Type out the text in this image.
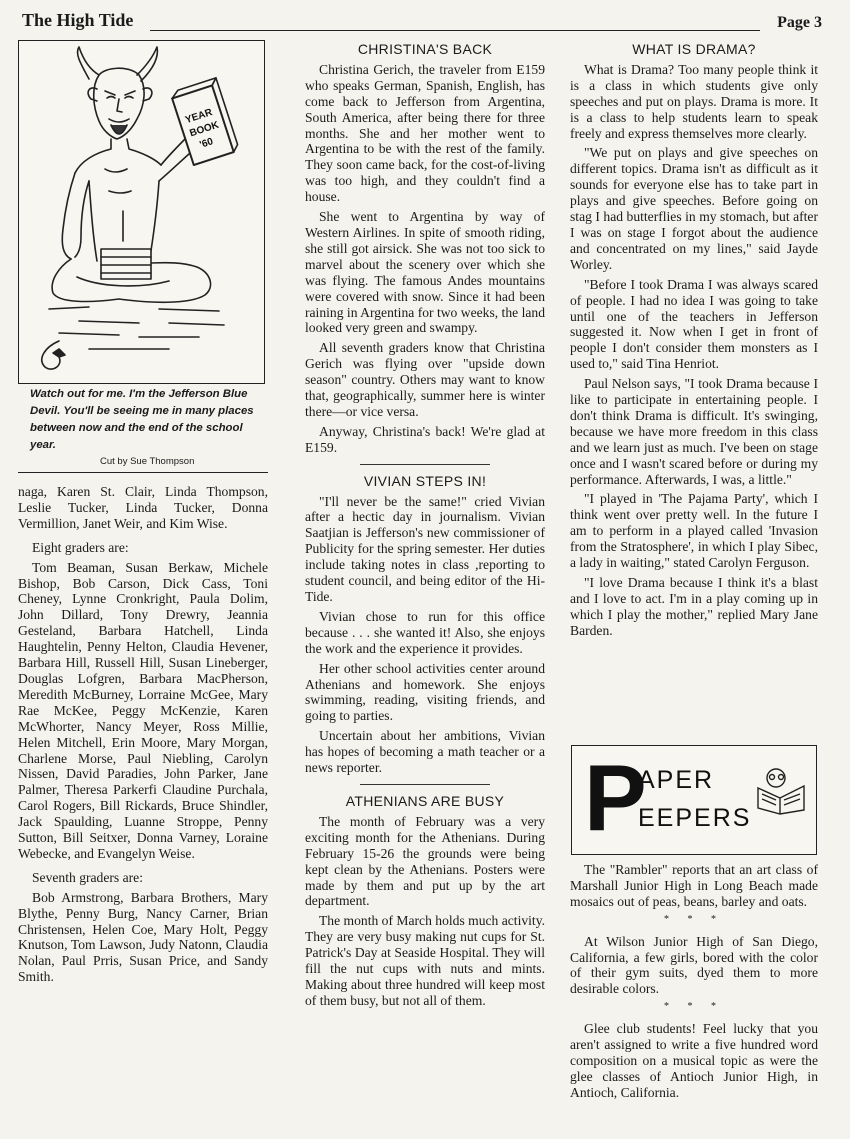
The High Tide	Page 3
YEAR
BOOK
'60
Watch out for me. I'm the Jefferson Blue Devil. You'll be seeing me in many places between now and the end of the school year.
Cut by Sue Thompson

naga, Karen St. Clair, Linda Thompson, Leslie Tucker, Linda Tucker, Donna Vermillion, Janet Weir, and Kim Wise.

Eight graders are:

Tom Beaman, Susan Berkaw, Michele Bishop, Bob Carson, Dick Cass, Toni Cheney, Lynne Cronkright, Paula Dolim, John Dillard, Tony Drewry, Jeannia Gesteland, Barbara Hatchell, Linda Haughtelin, Penny Helton, Claudia Hevener, Barbara Hill, Russell Hill, Susan Lineberger, Douglas Lofgren, Barbara MacPherson, Meredith McBurney, Lorraine McGee, Mary Rae McKee, Peggy McKenzie, Karen McWhorter, Nancy Meyer, Ross Millie, Helen Mitchell, Erin Moore, Mary Morgan, Charlene Morse, Paul Niebling, Carolyn Nissen, David Paradies, John Parker, Jane Palmer, Theresa Parkerfi Claudine Purchala, Carol Rogers, Bill Rickards, Bruce Shindler, Jack Spaulding, Luanne Stroppe, Penny Sutton, Bill Seitxer, Donna Varney, Loraine Webecke, and Evangelyn Weise.

Seventh graders are:

Bob Armstrong, Barbara Brothers, Mary Blythe, Penny Burg, Nancy Carner, Brian Christensen, Helen Coe, Mary Holt, Peggy Knutson, Tom Lawson, Judy Natonn, Claudia Nolan, Paul Prris, Susan Price, and Sandy Smith.

CHRISTINA'S BACK

Christina Gerich, the traveler from E159 who speaks German, Spanish, English, has come back to Jefferson from Argentina, South America, after being there for three months. She and her mother went to Argentina to be with the rest of the family. They soon came back, for the cost-of-living was too high, and they couldn't find a house.

She went to Argentina by way of Western Airlines. In spite of smooth riding, she still got airsick. She was not too sick to marvel about the scenery over which she was flying. The famous Andes mountains were covered with snow. Since it had been raining in Argentina for two weeks, the land looked very green and swampy.

All seventh graders know that Christina Gerich was flying over "upside down season" country. Others may want to know that, geographically, summer here is winter there—or vice versa.

Anyway, Christina's back! We're glad at E159.

VIVIAN STEPS IN!

"I'll never be the same!" cried Vivian after a hectic day in journalism. Vivian Saatjian is Jefferson's new commissioner of Publicity for the spring semester. Her duties include taking notes in class ,reporting to student council, and being editor of the Hi-Tide.

Vivian chose to run for this office because . . . she wanted it! Also, she enjoys the work and the experience it provides.

Her other school activities center around Athenians and homework. She enjoys swimming, reading, visiting friends, and going to parties.

Uncertain about her ambitions, Vivian has hopes of becoming a math teacher or a news reporter.

ATHENIANS ARE BUSY

The month of February was a very exciting month for the Athenians. During February 15-26 the grounds were being kept clean by the Athenians. Posters were made by them and put up by the art department.

The month of March holds much activity. They are very busy making nut cups for St. Patrick's Day at Seaside Hospital. They will fill the nut cups with nuts and mints. Making about three hundred will keep most of them busy, but not all of them.

WHAT IS DRAMA?

What is Drama? Too many people think it is a class in which students give only speeches and put on plays. Drama is more. It is a class to help students learn to speak freely and express themselves more clearly.

"We put on plays and give speeches on different topics. Drama isn't as difficult as it sounds for everyone else has to take part in plays and give speeches. Before going on stag I had butterflies in my stomach, but after I was on stage I forgot about the audience and concentrated on my lines," said Jayde Worley.

"Before I took Drama I was always scared of people. I had no idea I was going to take until one of the teachers in Jefferson suggested it. Now when I get in front of people I don't consider them monsters as I used to," said Tina Henriot.

Paul Nelson says, "I took Drama because I like to participate in entertaining people. I don't think Drama is difficult. It's swinging, because we have more freedom in this class and we learn just as much. I've been on stage once and I wasn't scared before or during my performance. Afterwards, I was, a little."

"I played in 'The Pajama Party', which I think went over pretty well. In the future I am to perform in a played called 'Invasion from the Stratosphere', in which I play Sibec, a lady in waiting," stated Carolyn Ferguson.

"I love Drama because I think it's a blast and I love to act. I'm in a play coming up in which I play the mother," replied Mary Jane Barden.

P
APER
EEPERS

The "Rambler" reports that an art class of Marshall Junior High in Long Beach made mosaics out of peas, beans, barley and oats.

* * *

At Wilson Junior High of San Diego, California, a few girls, bored with the color of their gym suits, dyed them to more desirable colors.

* * *

Glee club students! Feel lucky that you aren't assigned to write a five hundred word composition on a musical topic as were the glee classes of Antioch Junior High, in Antioch, California.
